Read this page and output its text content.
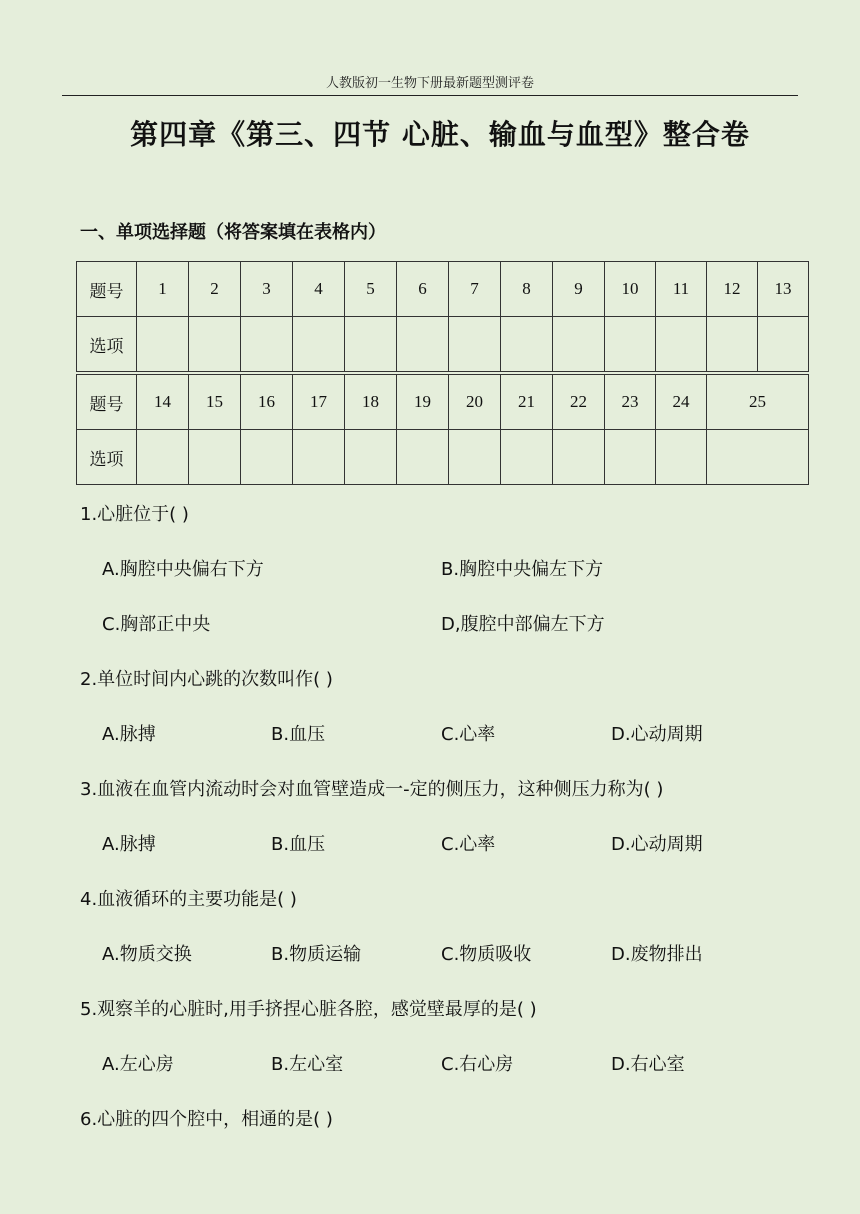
人教版初一生物下册最新题型测评卷
第四章《第三、四节 心脏、输血与血型》整合卷
一、单项选择题（将答案填在表格内）
题号	1	2	3	4	5	6	7	8	9	10	11	12	13
选项													
题号	14	15	16	17	18	19	20	21	22	23	24	25
选项												
1.心脏位于( )
A.胸腔中央偏右下方	B.胸腔中央偏左下方
C.胸部正中央	D,腹腔中部偏左下方
2.单位时间内心跳的次数叫作( )
A.脉搏	B.血压	C.心率	D.心动周期
3.血液在血管内流动时会对血管壁造成一-定的侧压力，这种侧压力称为( )
A.脉搏	B.血压	C.心率	D.心动周期
4.血液循环的主要功能是( )
A.物质交换	B.物质运输	C.物质吸收	D.废物排出
5.观察羊的心脏时,用手挤捏心脏各腔，感觉壁最厚的是( )
A.左心房	B.左心室	C.右心房	D.右心室
6.心脏的四个腔中，相通的是( )
